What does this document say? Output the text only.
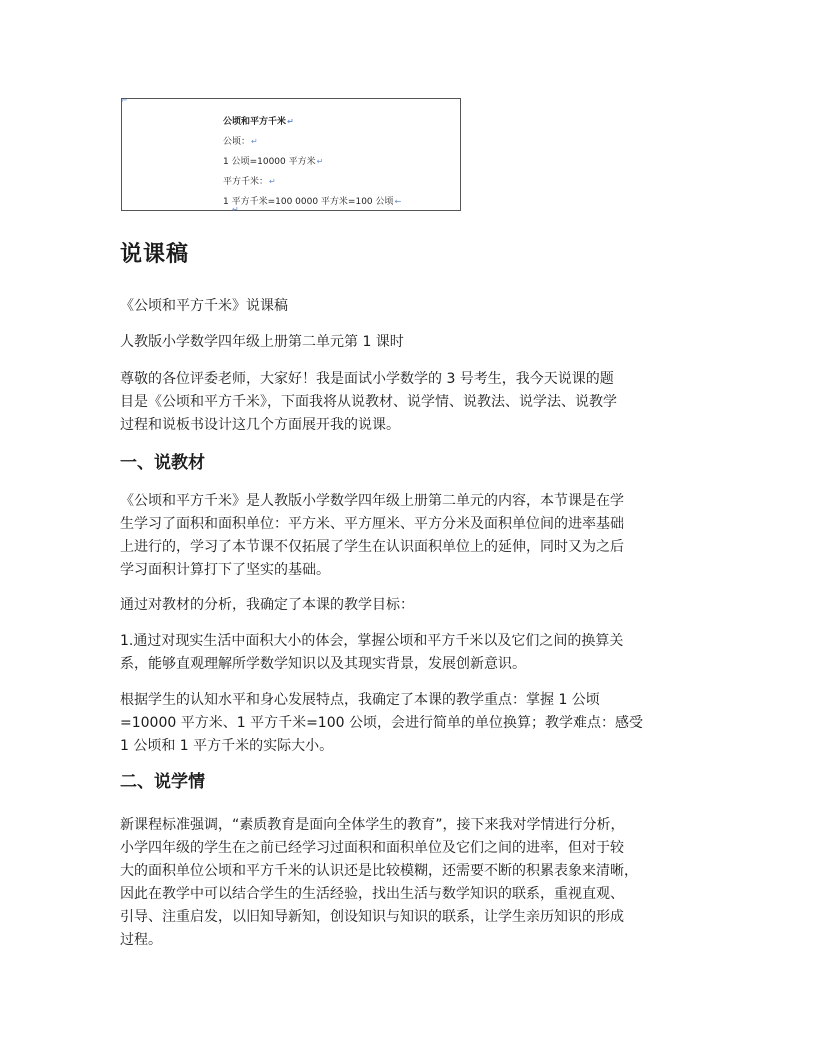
⌐
公顷和平方千米↵
公顷：↵
1 公顷=10000 平方米↵
平方千米：↵
1 平方千米=100 0000 平方米=100 公顷←
↵
说课稿

《公顷和平方千米》说课稿

人教版小学数学四年级上册第二单元第 1 课时

尊敬的各位评委老师，大家好！我是面试小学数学的 3 号考生，我今天说课的题
目是《公顷和平方千米》，下面我将从说教材、说学情、说教法、说学法、说教学
过程和说板书设计这几个方面展开我的说课。

一、说教材

《公顷和平方千米》是人教版小学数学四年级上册第二单元的内容，本节课是在学
生学习了面积和面积单位：平方米、平方厘米、平方分米及面积单位间的进率基础
上进行的，学习了本节课不仅拓展了学生在认识面积单位上的延伸，同时又为之后
学习面积计算打下了坚实的基础。

通过对教材的分析，我确定了本课的教学目标：

1.通过对现实生活中面积大小的体会，掌握公顷和平方千米以及它们之间的换算关
系，能够直观理解所学数学知识以及其现实背景，发展创新意识。

根据学生的认知水平和身心发展特点，我确定了本课的教学重点：掌握 1 公顷
=10000 平方米、1 平方千米=100 公顷，会进行简单的单位换算；教学难点：感受
1 公顷和 1 平方千米的实际大小。

二、说学情

新课程标准强调，“素质教育是面向全体学生的教育”，接下来我对学情进行分析，
小学四年级的学生在之前已经学习过面积和面积单位及它们之间的进率，但对于较
大的面积单位公顷和平方千米的认识还是比较模糊，还需要不断的积累表象来清晰，
因此在教学中可以结合学生的生活经验，找出生活与数学知识的联系，重视直观、
引导、注重启发，以旧知导新知，创设知识与知识的联系，让学生亲历知识的形成
过程。
